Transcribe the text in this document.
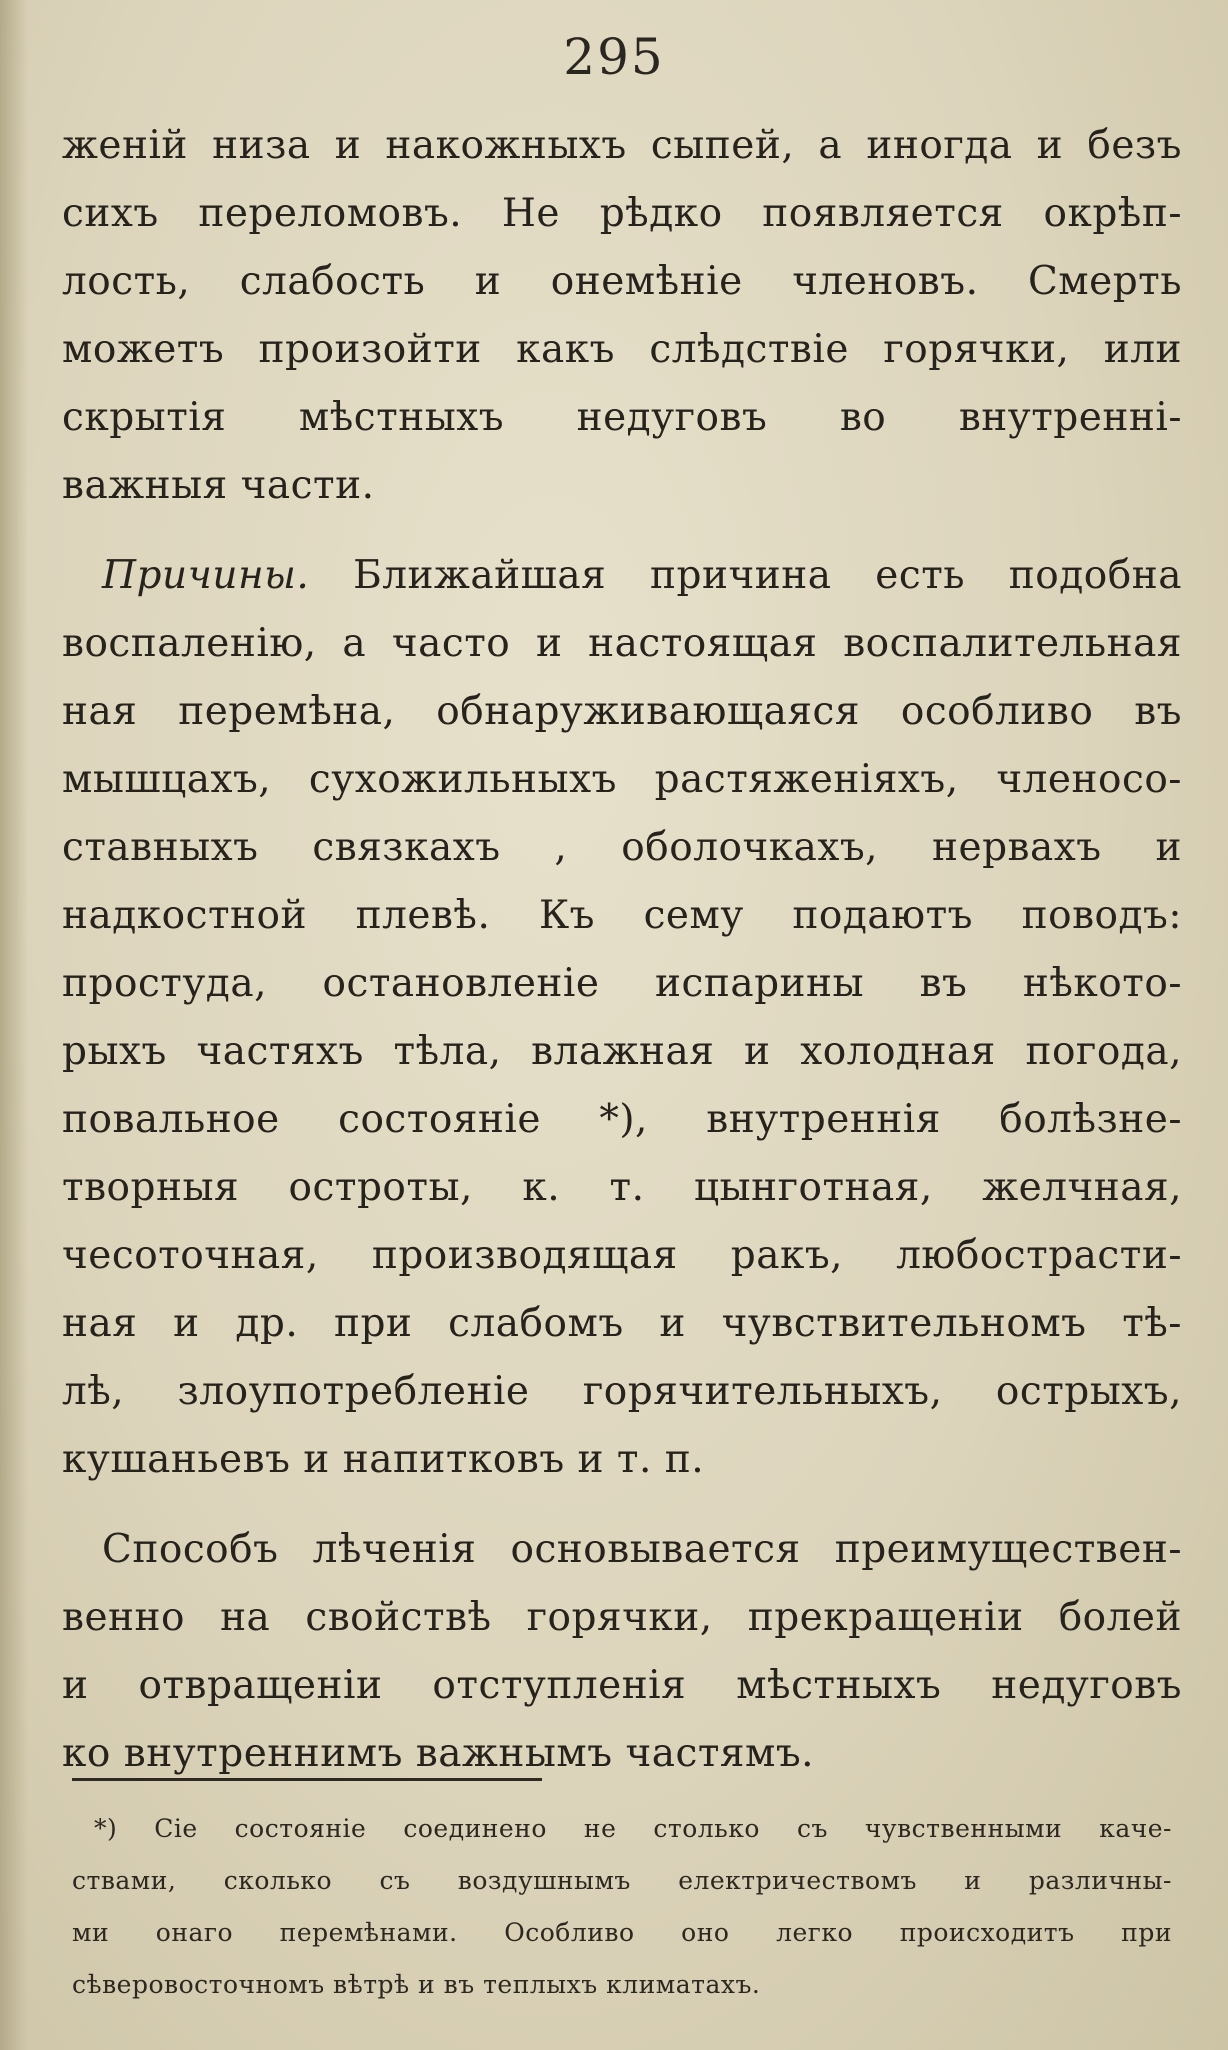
295
женій низа и накожныхъ сыпей, а иногда и безъ
сихъ переломовъ. Не рѣдко появляется окрѣп-
лость, слабость и онемѣніе членовъ. Смерть
можетъ произойти какъ слѣдствіе горячки, или
скрытія мѣстныхъ недуговъ во внутренні-
важныя части.
Причины. Ближайшая причина есть подобна
воспаленію, а часто и настоящая воспалительная
ная перемѣна, обнаруживающаяся особливо въ
мышцахъ, сухожильныхъ растяженіяхъ, членосо-
ставныхъ связкахъ , оболочкахъ, нервахъ и
надкостной плевѣ. Къ сему подаютъ поводъ:
простуда, остановленіе испарины въ нѣкото-
рыхъ частяхъ тѣла, влажная и холодная погода,
повальное состояніе *), внутреннія болѣзне-
творныя остроты, к. т. цынготная, желчная,
чесоточная, производящая ракъ, любострасти-
ная и др. при слабомъ и чувствительномъ тѣ-
лѣ, злоупотребленіе горячительныхъ, острыхъ,
кушаньевъ и напитковъ и т. п.
Способъ лѣченія основывается преимуществен-
венно на свойствѣ горячки, прекращеніи болей
и отвращеніи отступленія мѣстныхъ недуговъ
ко внутреннимъ важнымъ частямъ.
*) Сіе состояніе соединено не столько съ чувственными каче-
ствами, сколько съ воздушнымъ електричествомъ и различны-
ми онаго перемѣнами. Особливо оно легко происходитъ при
сѣверовосточномъ вѣтрѣ и въ теплыхъ климатахъ.
